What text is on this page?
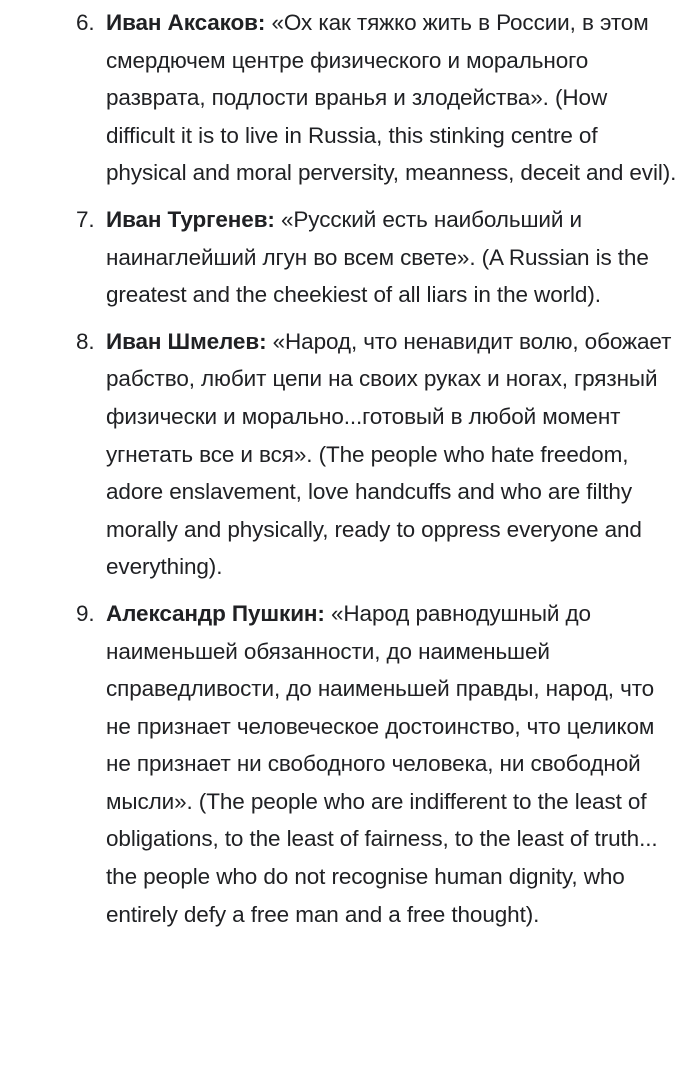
6. Иван Аксаков: «Ох как тяжко жить в России, в этом смердючем центре физического и морального разврата, подлости вранья и злодейства». (How difficult it is to live in Russia, this stinking centre of physical and moral perversity, meanness, deceit and evil).
7. Иван Тургенев: «Русский есть наибольший и наинаглейший лгун во всем свете». (A Russian is the greatest and the cheekiest of all liars in the world).
8. Иван Шмелев: «Народ, что ненавидит волю, обожает рабство, любит цепи на своих руках и ногах, грязный физически и морально...готовый в любой момент угнетать все и вся». (The people who hate freedom, adore enslavement, love handcuffs and who are filthy morally and physically, ready to oppress everyone and everything).
9. Александр Пушкин: «Народ равнодушный до наименьшей обязанности, до наименьшей справедливости, до наименьшей правды, народ, что не признает человеческое достоинство, что целиком не признает ни свободного человека, ни свободной мысли». (The people who are indifferent to the least of obligations, to the least of fairness, to the least of truth... the people who do not recognise human dignity, who entirely defy a free man and a free thought).
